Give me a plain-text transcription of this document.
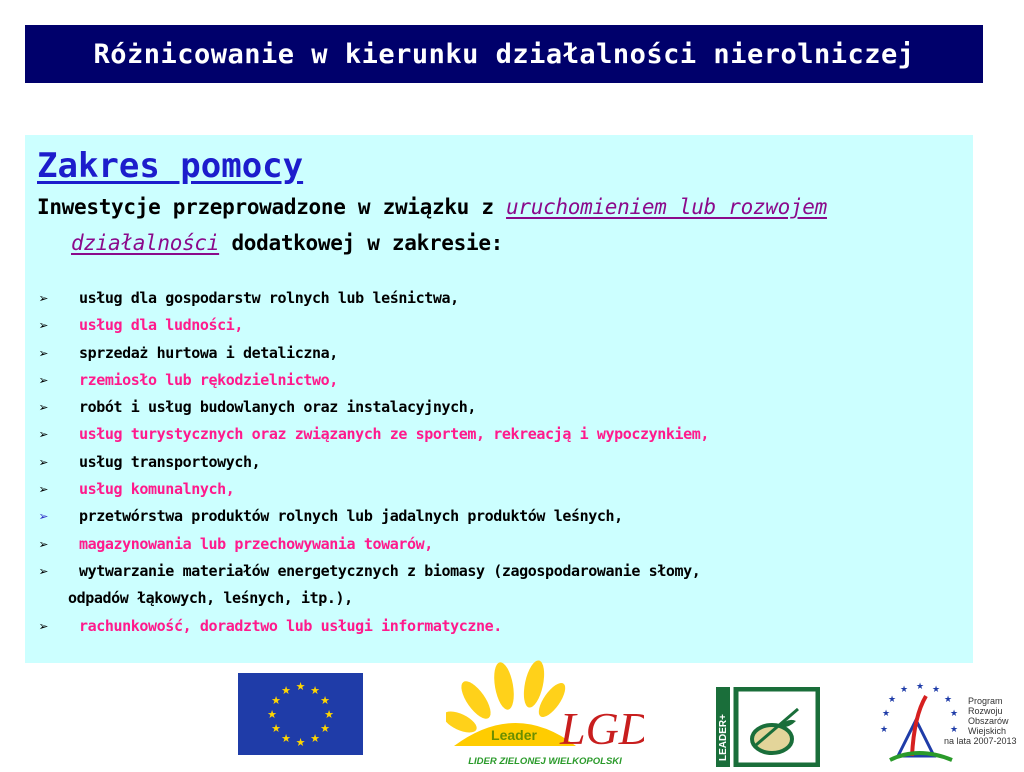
Różnicowanie w kierunku działalności nierolniczej
Zakres pomocy

Inwestycje przeprowadzone w związku z uruchomieniem lub rozwojem działalności dodatkowej w zakresie:

➢ usług dla gospodarstw rolnych lub leśnictwa,
➢ usług dla ludności,
➢ sprzedaż hurtowa i detaliczna,
➢ rzemiosło lub rękodzielnictwo,
➢ robót i usług budowlanych oraz instalacyjnych,
➢ usług turystycznych oraz związanych ze sportem, rekreacją i wypoczynkiem,
➢ usług transportowych,
➢ usług komunalnych,
➢ przetwórstwa produktów rolnych lub jadalnych produktów leśnych,
➢ magazynowania lub przechowywania towarów,
➢ wytwarzanie materiałów energetycznych z biomasy (zagospodarowanie słomy,
odpadów łąkowych, leśnych, itp.),
➢ rachunkowość, doradztwo lub usługi informatyczne.
★ ★
★
★
★
★
★
★
★
★
★
★
Leader LGD
LIDER ZIELONEJ WIELKOPOLSKI
LEADER+
★
★
★ ★ ★
★
★
★	★
Program
Rozwoju
Obszarów
Wiejskich
na lata 2007-2013
